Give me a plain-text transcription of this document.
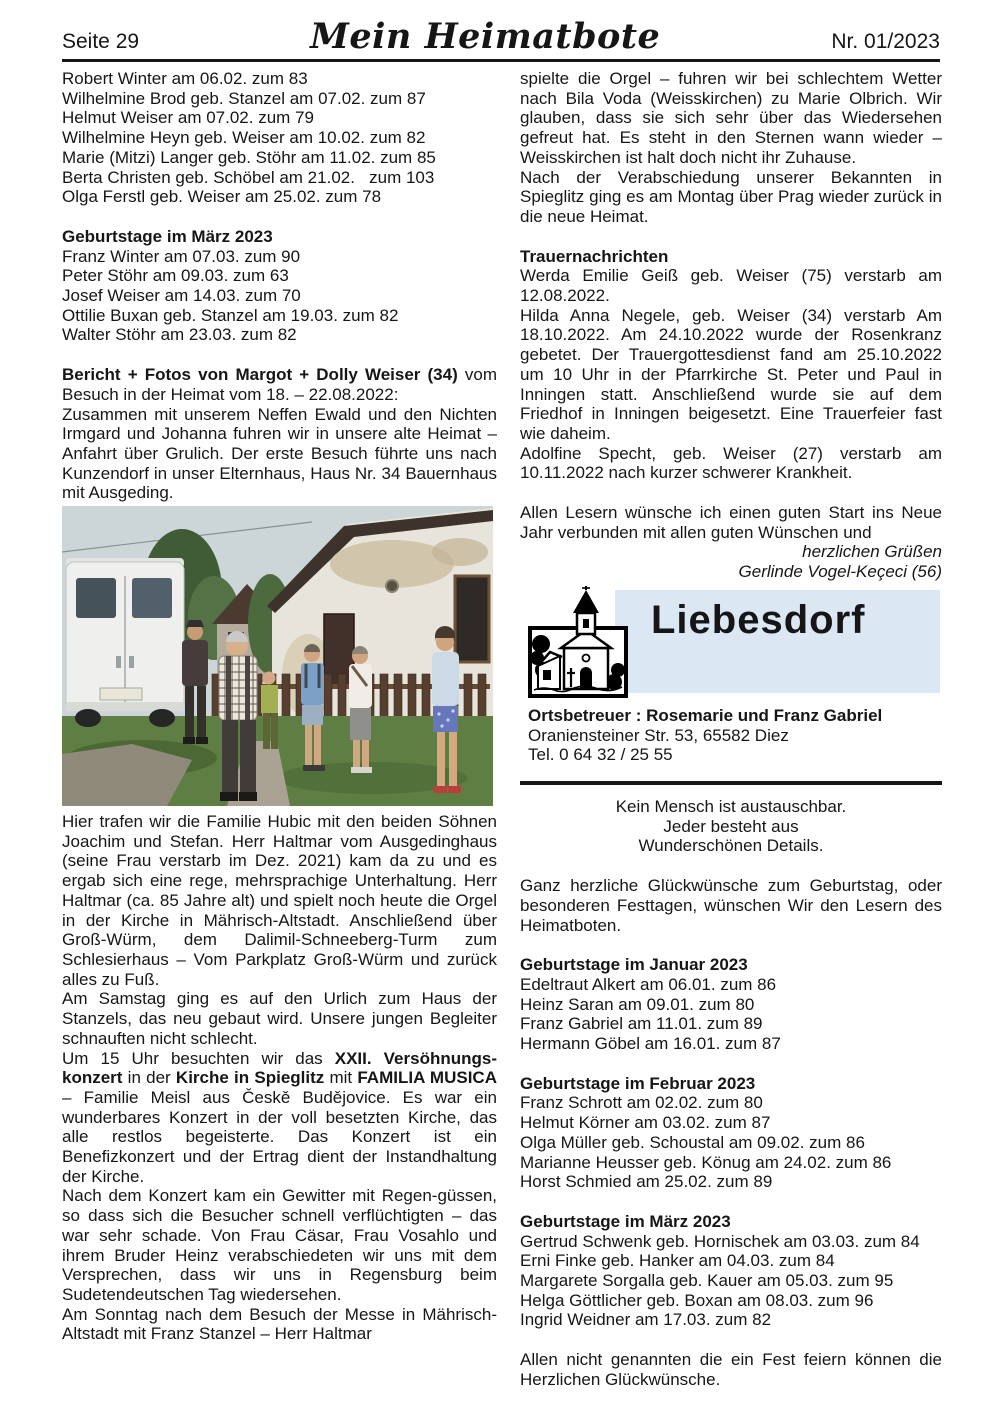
Seite 29	Mein Heimatbote	Nr. 01/2023
Robert Winter am 06.02. zum 83
Wilhelmine Brod geb. Stanzel am 07.02. zum 87
Helmut Weiser am 07.02. zum 79
Wilhelmine Heyn geb. Weiser am 10.02. zum 82
Marie (Mitzi) Langer geb. Stöhr am 11.02. zum 85
Berta Christen geb. Schöbel am 21.02.   zum 103
Olga Ferstl geb. Weiser am 25.02. zum 78
Geburtstage im März 2023
Franz Winter am 07.03. zum 90
Peter Stöhr am 09.03. zum 63
Josef Weiser am 14.03. zum 70
Ottilie Buxan geb. Stanzel am 19.03. zum 82
Walter Stöhr am 23.03. zum 82

Bericht + Fotos von Margot + Dolly Weiser (34) vom Besuch in der Heimat vom 18. – 22.08.2022:

Zusammen mit unserem Neffen Ewald und den Nichten Irmgard und Johanna fuhren wir in unsere alte Heimat – Anfahrt über Grulich. Der erste Besuch führte uns nach Kunzendorf in unser Elternhaus, Haus Nr. 34 Bauernhaus mit Ausgeding.

Hier trafen wir die Familie Hubic mit den beiden Söhnen Joachim und Stefan. Herr Haltmar vom Ausgedinghaus (seine Frau verstarb im Dez. 2021) kam da zu und es ergab sich eine rege, mehrsprachige Unterhaltung. Herr Haltmar (ca. 85 Jahre alt) und spielt noch heute die Orgel in der Kirche in Mährisch-Altstadt. Anschließend über Groß-Würm, dem Dalimil-Schneeberg-Turm zum Schlesierhaus – Vom Parkplatz Groß-Würm und zurück alles zu Fuß.

Am Samstag ging es auf den Urlich zum Haus der Stanzels, das neu gebaut wird. Unsere jungen Begleiter schnauften nicht schlecht.

Um 15 Uhr besuchten wir das XXII. Versöhnungs-konzert in der Kirche in Spieglitz mit FAMILIA MUSICA – Familie Meisl aus Českě Budějovice. Es war ein wunderbares Konzert in der voll besetzten Kirche, das alle restlos begeisterte. Das Konzert ist ein Benefizkonzert und der Ertrag dient der Instandhaltung der Kirche.

Nach dem Konzert kam ein Gewitter mit Regen-güssen, so dass sich die Besucher schnell verflüchtigten – das war sehr schade. Von Frau Cäsar, Frau Vosahlo und ihrem Bruder Heinz verabschiedeten wir uns mit dem Versprechen, dass wir uns in Regensburg beim Sudetendeutschen Tag wiedersehen.

Am Sonntag nach dem Besuch der Messe in Mährisch-Altstadt mit Franz Stanzel – Herr Haltmar

spielte die Orgel – fuhren wir bei schlechtem Wetter nach Bila Voda (Weisskirchen) zu Marie Olbrich. Wir glauben, dass sie sich sehr über das Wiedersehen gefreut hat. Es steht in den Sternen wann wieder – Weisskirchen ist halt doch nicht ihr Zuhause.

Nach der Verabschiedung unserer Bekannten in Spieglitz ging es am Montag über Prag wieder zurück in die neue Heimat.

Trauernachrichten

Werda Emilie Geiß geb. Weiser (75) verstarb am 12.08.2022.

Hilda Anna Negele, geb. Weiser (34) verstarb Am 18.10.2022. Am 24.10.2022 wurde der Rosenkranz gebetet. Der Trauergottesdienst fand am 25.10.2022 um 10 Uhr in der Pfarrkirche St. Peter und Paul in Inningen statt. Anschließend wurde sie auf dem Friedhof in Inningen beigesetzt. Eine Trauerfeier fast wie daheim.

Adolfine Specht, geb. Weiser (27) verstarb am 10.11.2022 nach kurzer schwerer Krankheit.

Allen Lesern wünsche ich einen guten Start ins Neue Jahr verbunden mit allen guten Wünschen und

herzlichen Grüßen

Gerlinde Vogel-Keçeci (56)

Liebesdorf
Ortsbetreuer : Rosemarie und Franz Gabriel
Oraniensteiner Str. 53, 65582 Diez
Tel. 0 64 32 / 25 55

Kein Mensch ist austauschbar.

Jeder besteht aus

Wunderschönen Details.

Ganz herzliche Glückwünsche zum Geburtstag, oder besonderen Festtagen, wünschen Wir den Lesern des Heimatboten.

Geburtstage im Januar 2023
Edeltraut Alkert am 06.01. zum 86
Heinz Saran am 09.01. zum 80
Franz Gabriel am 11.01. zum 89
Hermann Göbel am 16.01. zum 87
Geburtstage im Februar 2023
Franz Schrott am 02.02. zum 80
Helmut Körner am 03.02. zum 87
Olga Müller geb. Schoustal am 09.02. zum 86
Marianne Heusser geb. Könug am 24.02. zum 86
Horst Schmied am 25.02. zum 89
Geburtstage im März 2023
Gertrud Schwenk geb. Hornischek am 03.03. zum 84
Erni Finke geb. Hanker am 04.03. zum 84
Margarete Sorgalla geb. Kauer am 05.03. zum 95
Helga Göttlicher geb. Boxan am 08.03. zum 96
Ingrid Weidner am 17.03. zum 82

Allen nicht genannten die ein Fest feiern können die Herzlichen Glückwünsche.
